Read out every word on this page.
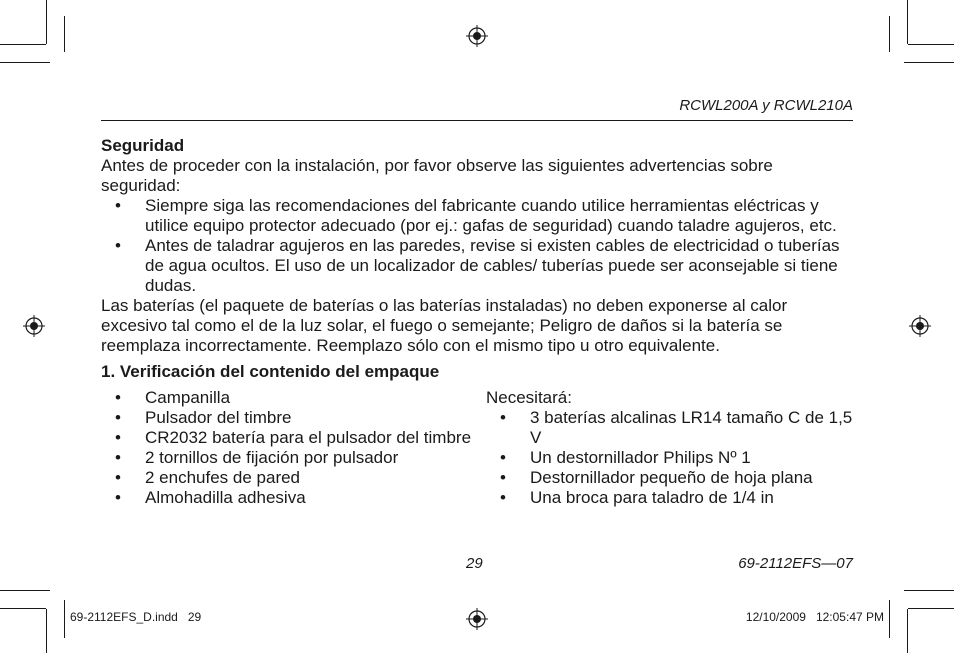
RCWL200A y RCWL210A

Seguridad

Antes de proceder con la instalación, por favor observe las siguientes advertencias sobre seguridad:

• Siempre siga las recomendaciones del fabricante cuando utilice herramientas eléctricas y utilice equipo protector adecuado (por ej.: gafas de seguridad) cuando taladre agujeros, etc.
• Antes de taladrar agujeros en las paredes, revise si existen cables de electricidad o tuberías de agua ocultos. El uso de un localizador de cables/ tuberías puede ser aconsejable si tiene dudas.

Las baterías (el paquete de baterías o las baterías instaladas) no deben exponerse al calor excesivo tal como el de la luz solar, el fuego o semejante; Peligro de daños si la batería se reemplaza incorrectamente. Reemplazo sólo con el mismo tipo u otro equivalente.

1. Verificación del contenido del empaque

• Campanilla
• Pulsador del timbre
• CR2032 batería para el pulsador del timbre
• 2 tornillos de fijación por pulsador
• 2 enchufes de pared
• Almohadilla adhesiva

Necesitará:

• 3 baterías alcalinas LR14 tamaño C de 1,5 V
• Un destornillador Philips Nº 1
• Destornillador pequeño de hoja plana
• Una broca para taladro de 1/4 in
29	69-2112EFS—07
69-2112EFS_D.indd   29	12/10/2009   12:05:47 PM
